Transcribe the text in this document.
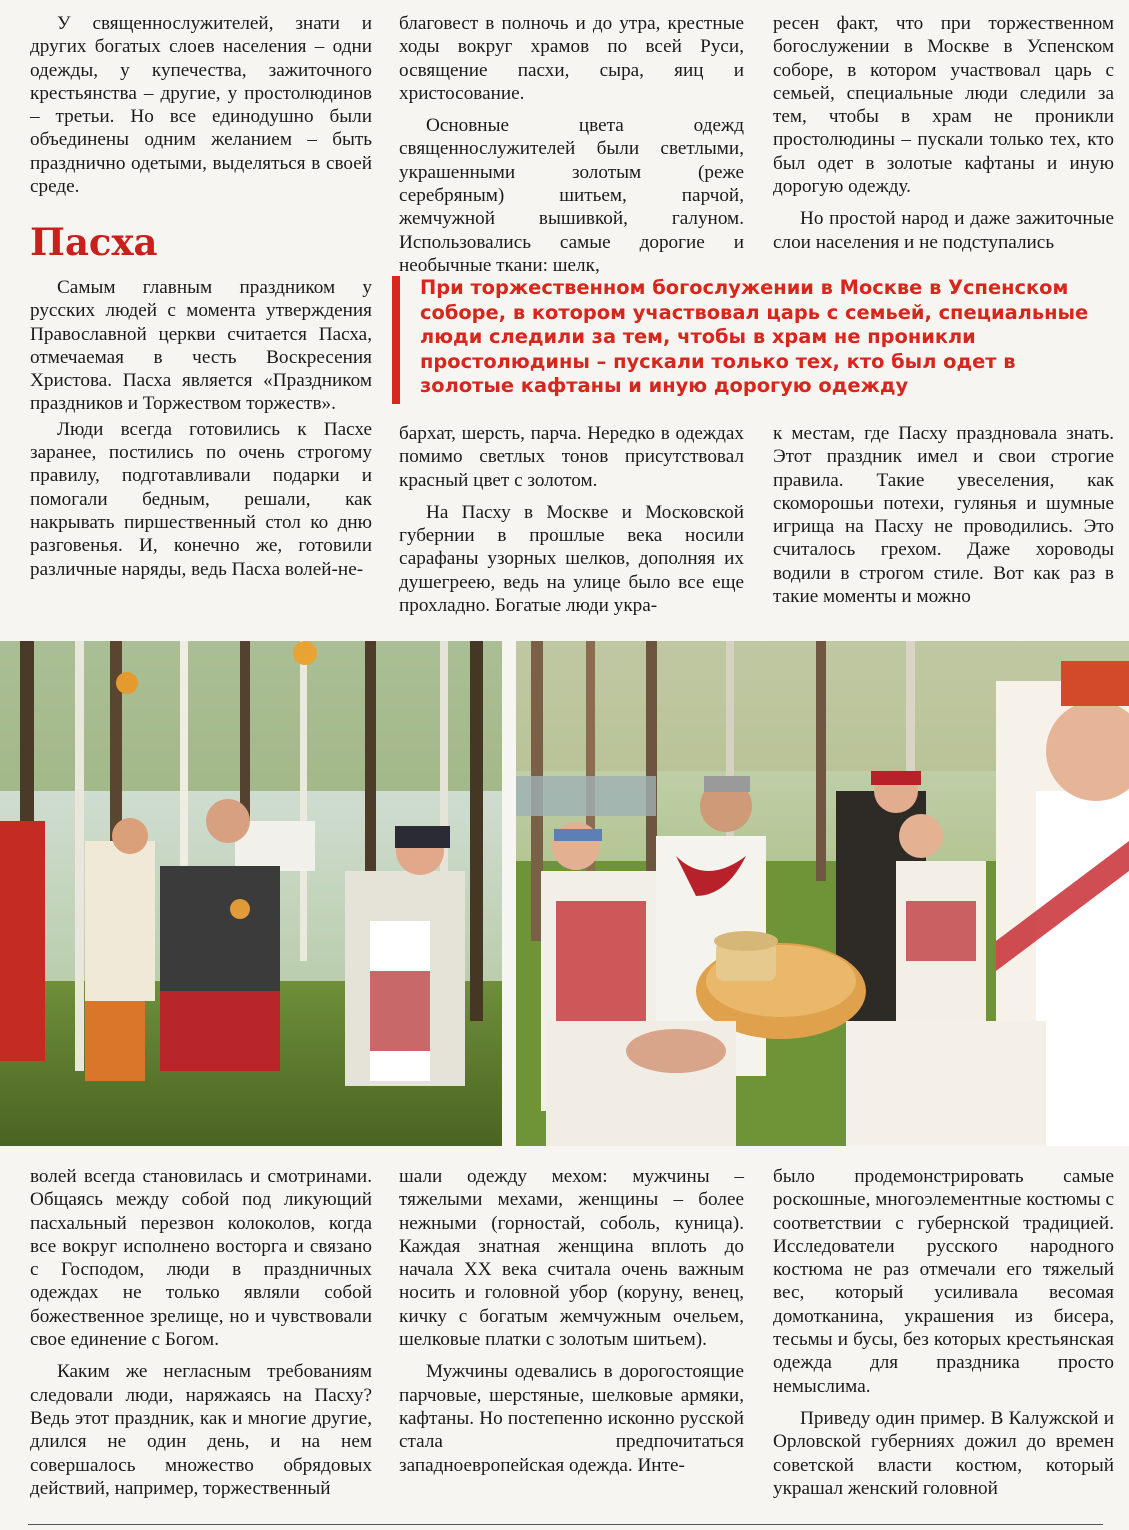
У священнослужителей, знати и других богатых слоев населения – одни одежды, у купечества, зажиточного крестьянства – другие, у простолюдинов – третьи. Но все единодушно были объединены одним желанием – быть празднично одетыми, выделяться в своей среде.

Пасха

благовест в полночь и до утра, крестные ходы вокруг храмов по всей Руси, освящение пасхи, сыра, яиц и христосование.

Основные цвета одежд священнослужителей были светлыми, украшенными золотым (реже серебряным) шитьем, парчой, жемчужной вышивкой, галуном. Использовались самые дорогие и необычные ткани: шелк,

ресен факт, что при торжественном богослужении в Москве в Успенском соборе, в котором участвовал царь с семьей, специальные люди следили за тем, чтобы в храм не проникли простолюдины – пускали только тех, кто был одет в золотые кафтаны и иную дорогую одежду.

Но простой народ и даже зажиточные слои населения и не подступались

Самым главным праздником у русских людей с момента утверждения Православной церкви считается Пасха, отмечаемая в честь Воскресения Христова. Пасха является «Праздником праздников и Торжеством торжеств».

Люди всегда готовились к Пасхе заранее, постились по очень строгому правилу, подготавливали подарки и помогали бедным, решали, как накрывать пиршественный стол ко дню разговенья. И, конечно же, готовили различные наряды, ведь Пасха волей-не-

При торжественном богослужении в Москве в Успенском соборе, в котором участвовал царь с семьей, специальные люди следили за тем, чтобы в храм не проникли простолюдины – пускали только тех, кто был одет в золотые кафтаны и иную дорогую одежду

бархат, шерсть, парча. Нередко в одеждах помимо светлых тонов присутствовал красный цвет с золотом.

На Пасху в Москве и Московской губернии в прошлые века носили сарафаны узорных шелков, дополняя их душегреею, ведь на улице было все еще прохладно. Богатые люди укра-

к местам, где Пасху праздновала знать. Этот праздник имел и свои строгие правила. Такие увеселения, как скоморошьи потехи, гулянья и шумные игрища на Пасху не проводились. Это считалось грехом. Даже хороводы водили в строгом стиле. Вот как раз в такие моменты и можно

волей всегда становилась и смотринами. Общаясь между собой под ликующий пасхальный перезвон колоколов, когда все вокруг исполнено восторга и связано с Господом, люди в праздничных одеждах не только являли собой божественное зрелище, но и чувствовали свое единение с Богом.

Каким же негласным требованиям следовали люди, наряжаясь на Пасху? Ведь этот праздник, как и многие другие, длился не один день, и на нем совершалось множество обрядовых действий, например, торжественный

шали одежду мехом: мужчины – тяжелыми мехами, женщины – более нежными (горностай, соболь, куница). Каждая знатная женщина вплоть до начала XX века считала очень важным носить и головной убор (коруну, венец, кичку с богатым жемчужным очельем, шелковые платки с золотым шитьем).

Мужчины одевались в дорогостоящие парчовые, шерстяные, шелковые армяки, кафтаны. Но постепенно исконно русской стала предпочитаться западноевропейская одежда. Инте-

было продемонстрировать самые роскошные, многоэлементные костюмы с соответствии с губернской традицией. Исследователи русского народного костюма не раз отмечали его тяжелый вес, который усиливала весомая домотканина, украшения из бисера, тесьмы и бусы, без которых крестьянская одежда для праздника просто немыслима.

Приведу один пример. В Калужской и Орловской губерниях дожил до времен советской власти костюм, который украшал женский головной
